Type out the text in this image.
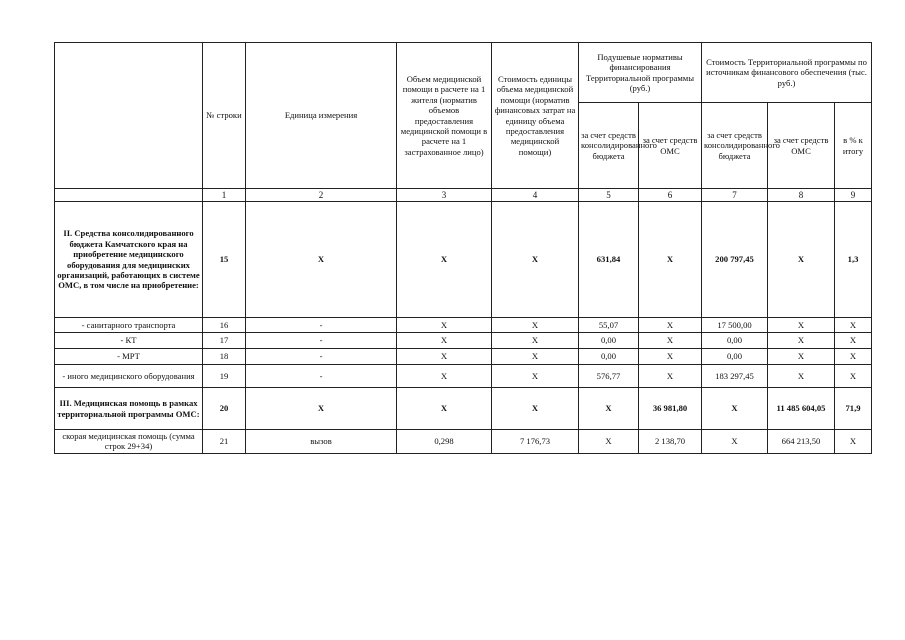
	№ строки	Единица измерения	Объем медицинской помощи в расчете на 1 жителя (норматив объемов предоставления медицинской помощи в расчете на 1 застрахованное лицо)	Стоимость единицы объема медицинской помощи (норматив финансовых затрат на единицу объема предоставления медицинской помощи)	Подушевые нормативы финансирования Территориальной программы (руб.)		Стоимость Территориальной программы по источникам финансового обеспечения (тыс. руб.)		
					за счет средств консолидированного бюджета	за счет средств ОМС	за счет средств консолидированного бюджета	за счет средств ОМС	в % к итогу
	1	2	3	4	5	6	7	8	9
II. Средства консолидированного бюджета Камчатского края на приобретение медицинского оборудования для медицинских организаций, работающих в системе ОМС, в том числе на приобретение:	15	Х	Х	Х	631,84	Х	200 797,45	Х	1,3
- санитарного транспорта	16	-	Х	Х	55,07	Х	17 500,00	Х	Х
- КТ	17	-	Х	Х	0,00	Х	0,00	Х	Х
- МРТ	18	-	Х	Х	0,00	Х	0,00	Х	Х
- иного медицинского оборудования	19	-	Х	Х	576,77	Х	183 297,45	Х	Х
III. Медицинская помощь в рамках территориальной программы ОМС:	20	Х	Х	Х	Х	36 981,80	Х	11 485 604,05	71,9
скорая медицинская помощь (сумма строк 29+34)	21	вызов	0,298	7 176,73	Х	2 138,70	Х	664 213,50	Х
